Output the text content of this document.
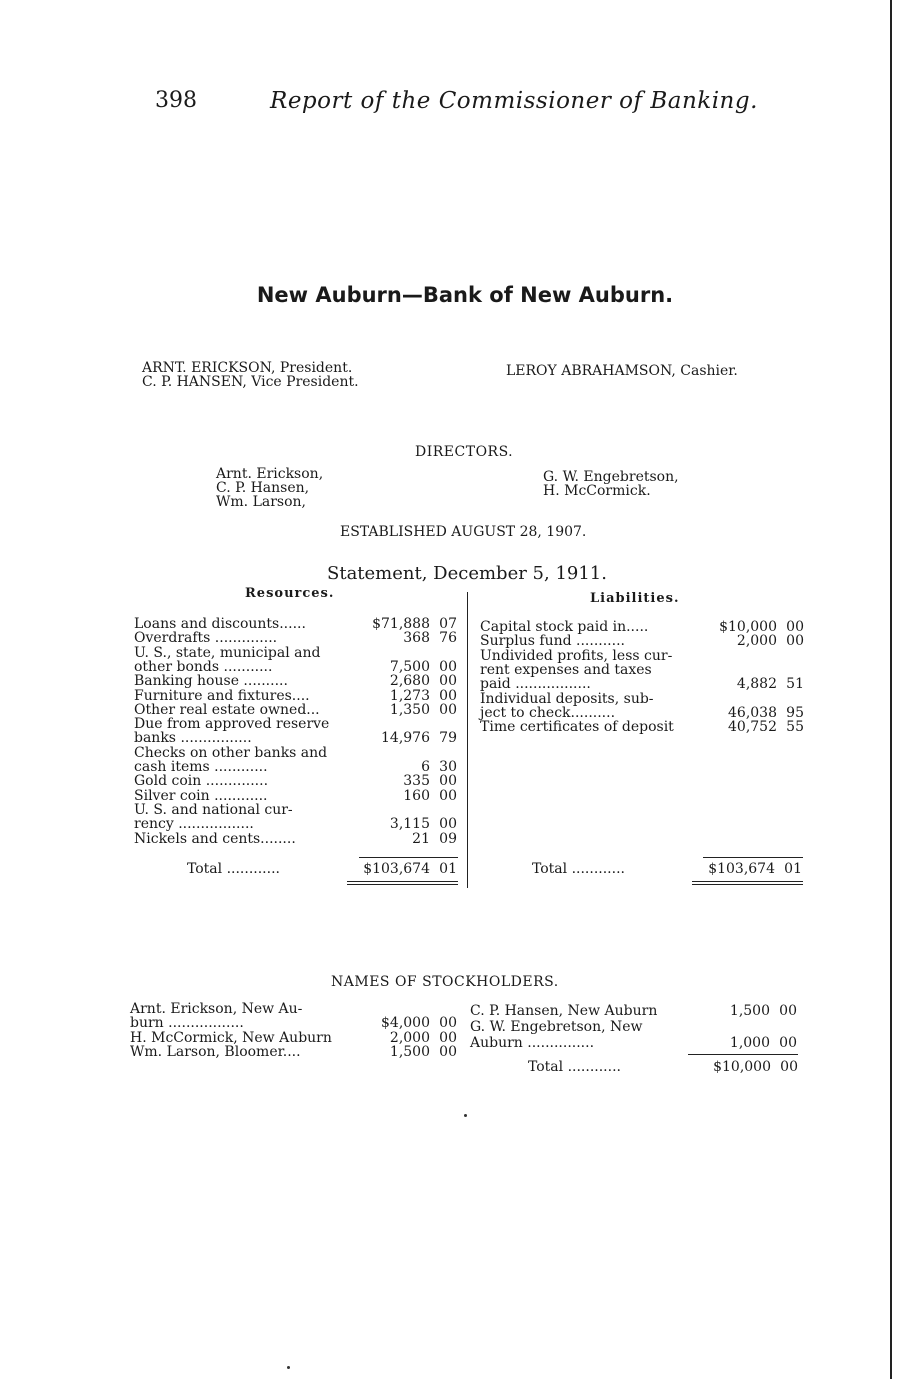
398	Report of the Commissioner of Banking.
New Auburn—Bank of New Auburn.
ARNT. ERICKSON, President.
C. P. HANSEN, Vice President.
LEROY ABRAHAMSON, Cashier.
DIRECTORS.
Arnt. Erickson,
C. P. Hansen,
Wm. Larson,
G. W. Engebretson,
H. McCormick.
ESTABLISHED AUGUST 28, 1907.
Statement, December 5, 1911.
Resources.	Liabilities.
Loans and discounts......	$71,888 07
Overdrafts ..............	368 76
U. S., state, municipal and
other bonds ...........	7,500 00
Banking house ..........	2,680 00
Furniture and fixtures....	1,273 00
Other real estate owned...	1,350 00
Due from approved reserve
banks ................	14,976 79
Checks on other banks and
cash items ............	6 30
Gold coin ..............	335 00
Silver coin ............	160 00
U. S. and national cur-
rency .................	3,115 00
Nickels and cents........	21 09
Capital stock paid in.....	$10,000 00
Surplus fund ...........	2,000 00
Undivided profits, less cur-
rent expenses and taxes
paid .................	4,882 51
Individual deposits, sub-
ject to check..........	46,038 95
Time certificates of deposit	40,752 55
Total ............	$103,674 01	Total ............	$103,674 01
NAMES OF STOCKHOLDERS.
Arnt. Erickson, New Au-
burn .................	$4,000 00
H. McCormick, New Auburn	2,000 00
Wm. Larson, Bloomer....	1,500 00
C. P. Hansen, New Auburn	1,500 00
G. W. Engebretson, New
Auburn ...............	1,000 00
Total ............	$10,000 00
